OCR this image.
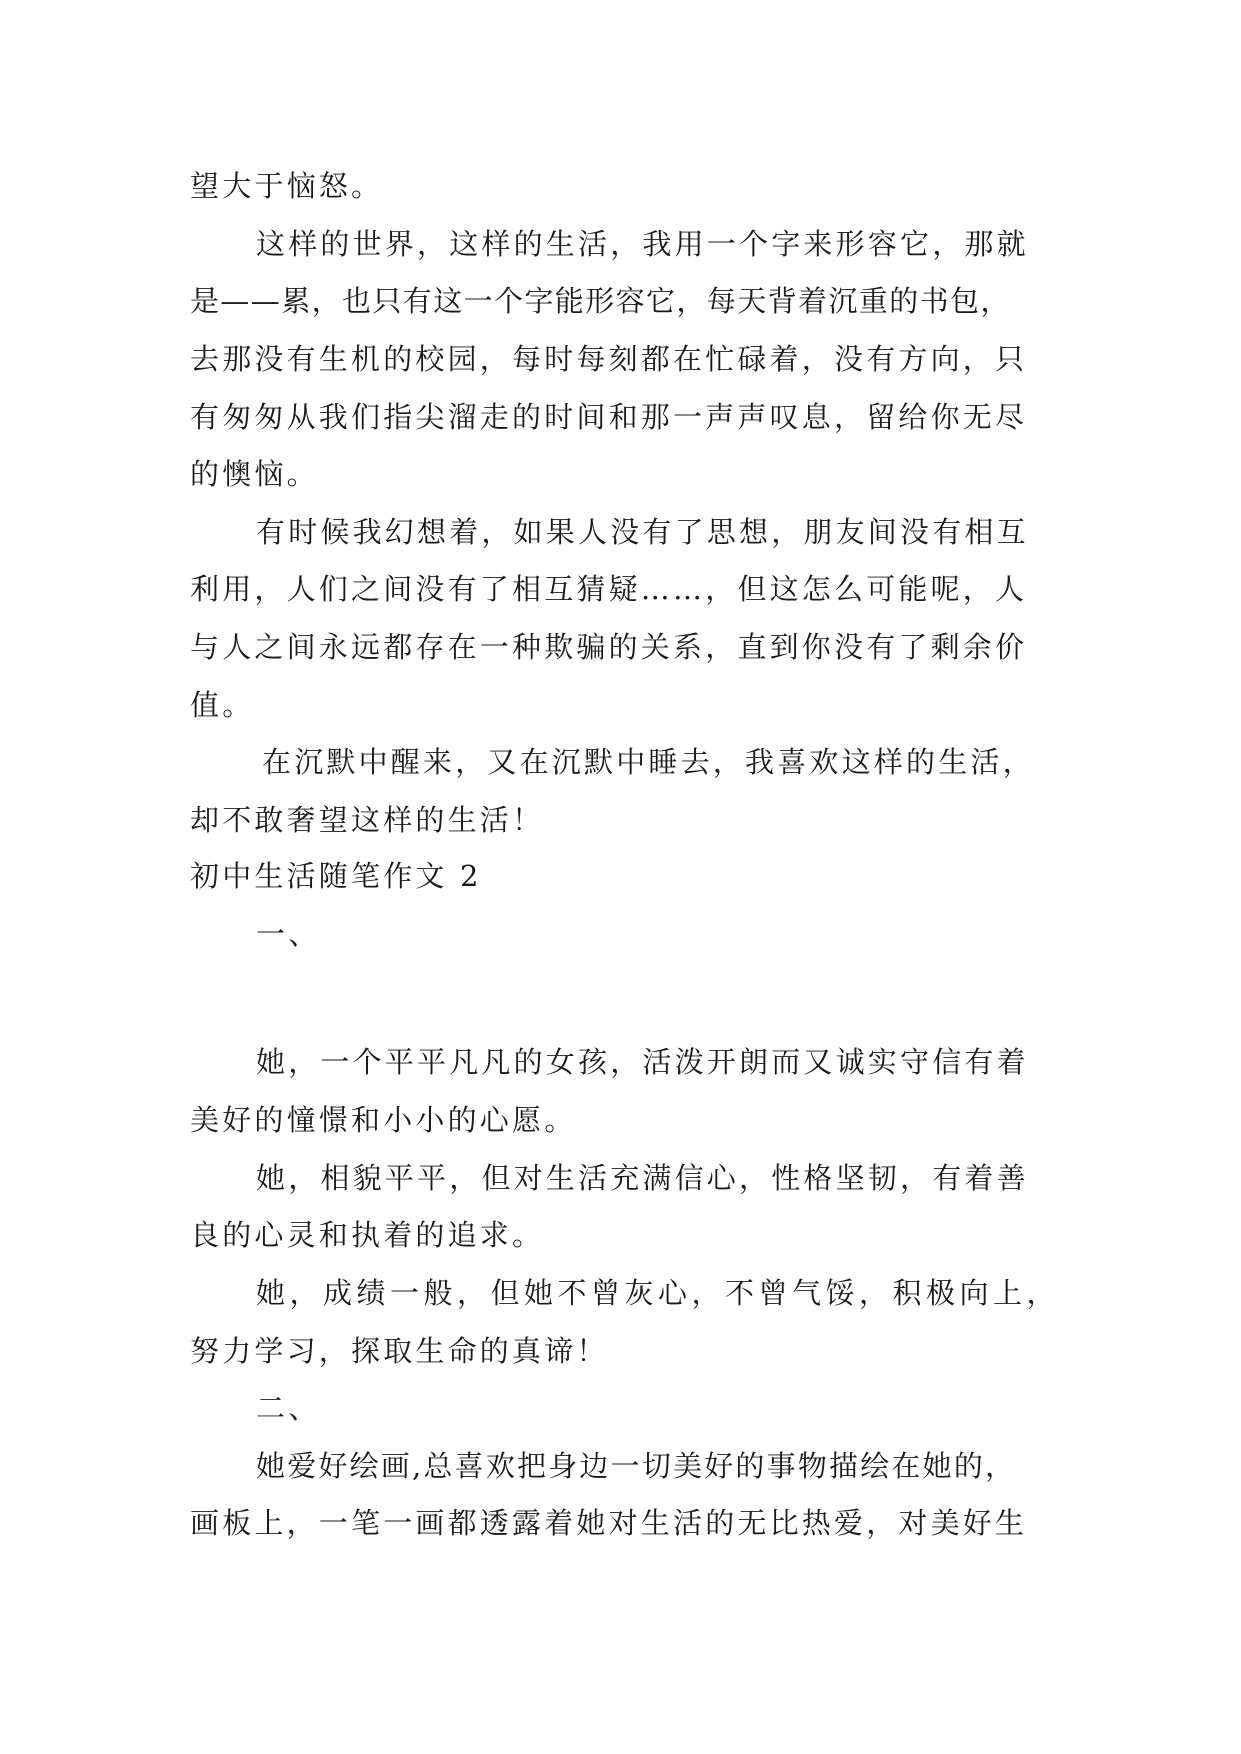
望大于恼怒。
这样的世界，这样的生活，我用一个字来形容它，那就
是——累，也只有这一个字能形容它，每天背着沉重的书包，
去那没有生机的校园，每时每刻都在忙碌着，没有方向，只
有匆匆从我们指尖溜走的时间和那一声声叹息，留给你无尽
的懊恼。
有时候我幻想着，如果人没有了思想，朋友间没有相互
利用，人们之间没有了相互猜疑……，但这怎么可能呢，人
与人之间永远都存在一种欺骗的关系，直到你没有了剩余价
值。
在沉默中醒来，又在沉默中睡去，我喜欢这样的生活，
却不敢奢望这样的生活！
初中生活随笔作文 2
一、
她，一个平平凡凡的女孩，活泼开朗而又诚实守信有着
美好的憧憬和小小的心愿。
她，相貌平平，但对生活充满信心，性格坚韧，有着善
良的心灵和执着的追求。
她，成绩一般，但她不曾灰心，不曾气馁，积极向上，
努力学习，探取生命的真谛！
二、
她爱好绘画,总喜欢把身边一切美好的事物描绘在她的，
画板上，一笔一画都透露着她对生活的无比热爱，对美好生
